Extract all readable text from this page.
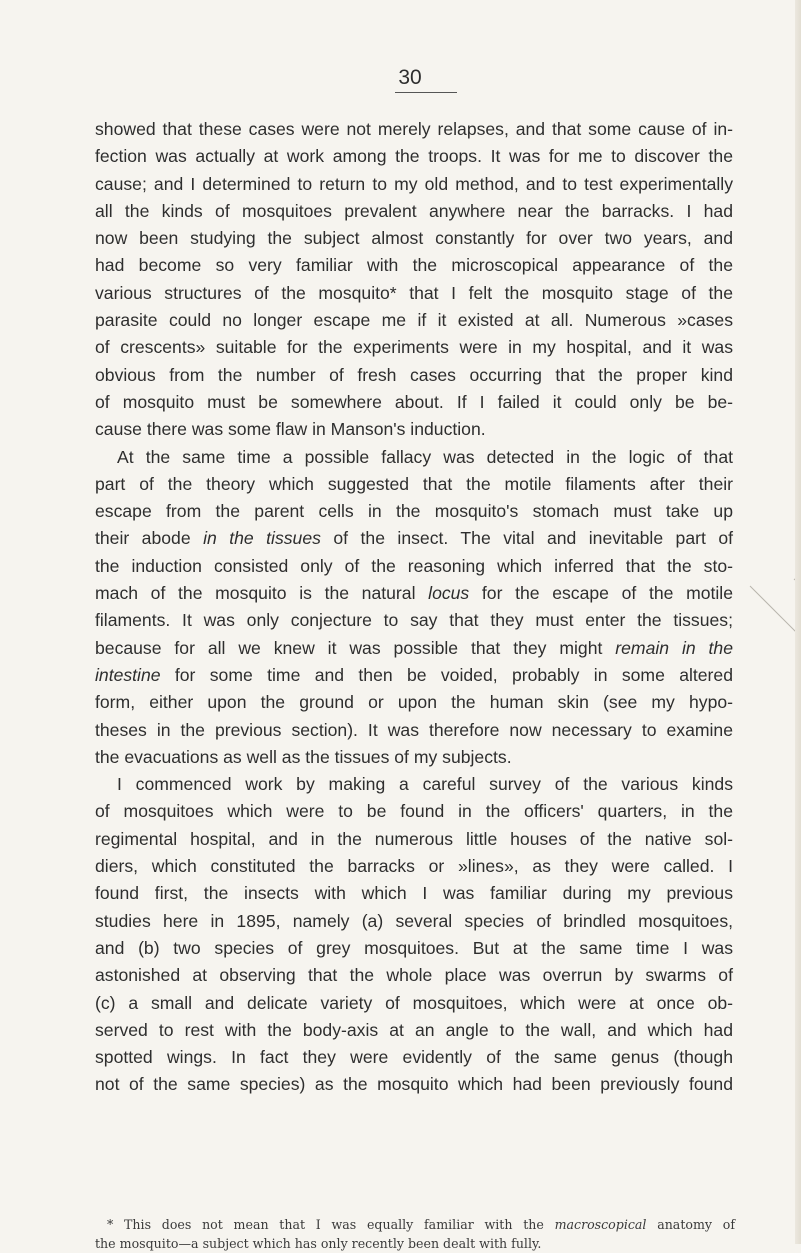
30
showed that these cases were not merely relapses, and that some cause of in-
fection was actually at work among the troops. It was for me to discover the
cause; and I determined to return to my old method, and to test experimentally
all the kinds of mosquitoes prevalent anywhere near the barracks. I had
now been studying the subject almost constantly for over two years, and
had become so very familiar with the microscopical appearance of the
various structures of the mosquito* that I felt the mosquito stage of the
parasite could no longer escape me if it existed at all. Numerous »cases
of crescents» suitable for the experiments were in my hospital, and it was
obvious from the number of fresh cases occurring that the proper kind
of mosquito must be somewhere about. If I failed it could only be be-
cause there was some flaw in Manson's induction.
At the same time a possible fallacy was detected in the logic of that
part of the theory which suggested that the motile filaments after their
escape from the parent cells in the mosquito's stomach must take up
their abode in the tissues of the insect. The vital and inevitable part of
the induction consisted only of the reasoning which inferred that the sto-
mach of the mosquito is the natural locus for the escape of the motile
filaments. It was only conjecture to say that they must enter the tissues;
because for all we knew it was possible that they might remain in the
intestine for some time and then be voided, probably in some altered
form, either upon the ground or upon the human skin (see my hypo-
theses in the previous section). It was therefore now necessary to examine
the evacuations as well as the tissues of my subjects.
I commenced work by making a careful survey of the various kinds
of mosquitoes which were to be found in the officers' quarters, in the
regimental hospital, and in the numerous little houses of the native sol-
diers, which constituted the barracks or »lines», as they were called. I
found first, the insects with which I was familiar during my previous
studies here in 1895, namely (a) several species of brindled mosquitoes,
and (b) two species of grey mosquitoes. But at the same time I was
astonished at observing that the whole place was overrun by swarms of
(c) a small and delicate variety of mosquitoes, which were at once ob-
served to rest with the body-axis at an angle to the wall, and which had
spotted wings. In fact they were evidently of the same genus (though
not of the same species) as the mosquito which had been previously found
* This does not mean that I was equally familiar with the macroscopical anatomy of
the mosquito—a subject which has only recently been dealt with fully.
